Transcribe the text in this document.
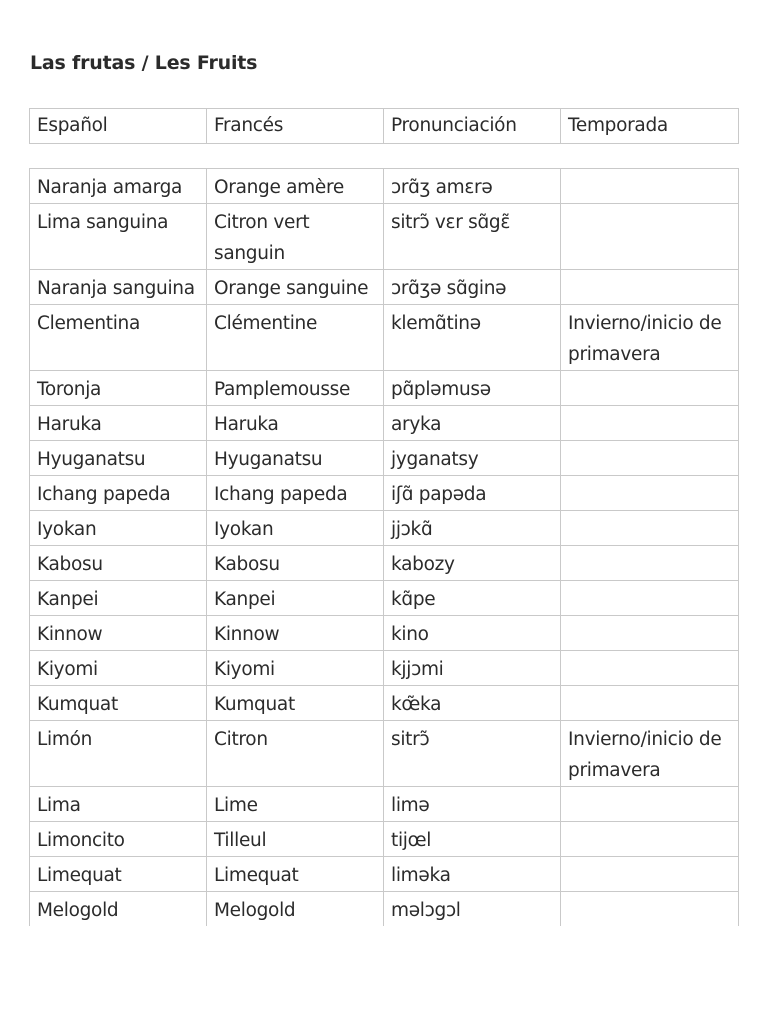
Las frutas / Les Fruits
Español	Francés	Pronunciación	Temporada
Naranja amarga	Orange amère	ɔrɑ̃ʒ amɛrə	
Lima sanguina	Citron vert sanguin	sitrɔ̃ vɛr sɑ̃gɛ̃	
Naranja sanguina	Orange sanguine	ɔrɑ̃ʒə sɑ̃ginə	
Clementina	Clémentine	klemɑ̃tinə	Invierno/inicio de primavera
Toronja	Pamplemousse	pɑ̃pləmusə	
Haruka	Haruka	aryka	
Hyuganatsu	Hyuganatsu	jyganatsy	
Ichang papeda	Ichang papeda	iʃɑ̃ papəda	
Iyokan	Iyokan	jjɔkɑ̃	
Kabosu	Kabosu	kabozy	
Kanpei	Kanpei	kɑ̃pe	
Kinnow	Kinnow	kino	
Kiyomi	Kiyomi	kjjɔmi	
Kumquat	Kumquat	kœ̃ka	
Limón	Citron	sitrɔ̃	Invierno/inicio de primavera
Lima	Lime	limə	
Limoncito	Tilleul	tijœl	
Limequat	Limequat	liməka	
Melogold	Melogold	məlɔgɔl	
